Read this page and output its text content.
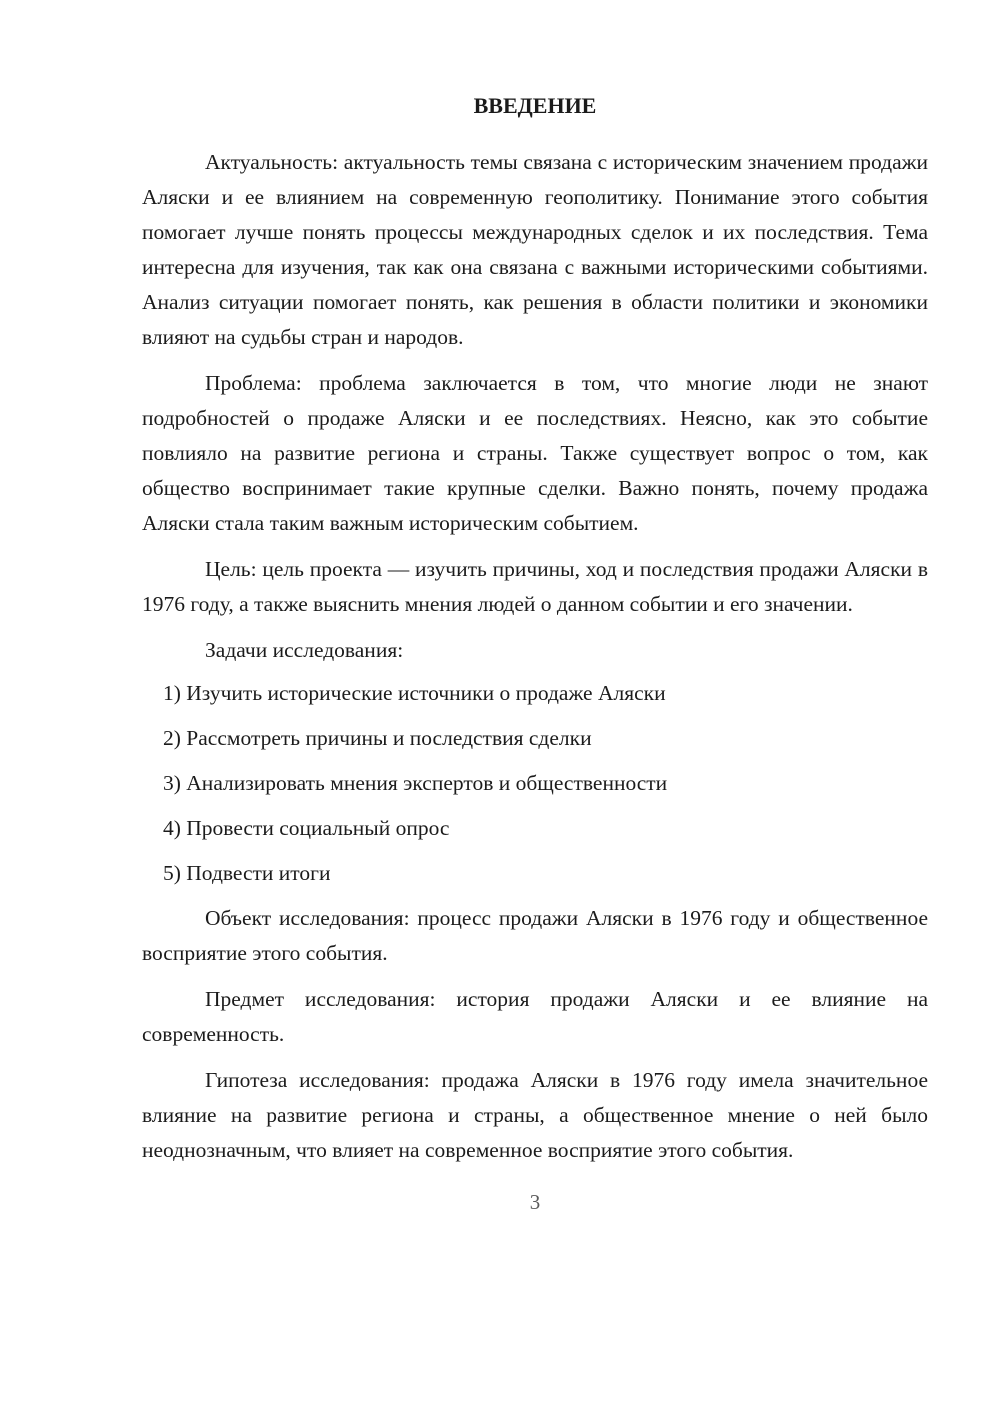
ВВЕДЕНИЕ

Актуальность: актуальность темы связана с историческим значением продажи Аляски и ее влиянием на современную геополитику. Понимание этого события помогает лучше понять процессы международных сделок и их последствия. Тема интересна для изучения, так как она связана с важными историческими событиями. Анализ ситуации помогает понять, как решения в области политики и экономики влияют на судьбы стран и народов.

Проблема: проблема заключается в том, что многие люди не знают подробностей о продаже Аляски и ее последствиях. Неясно, как это событие повлияло на развитие региона и страны. Также существует вопрос о том, как общество воспринимает такие крупные сделки. Важно понять, почему продажа Аляски стала таким важным историческим событием.

Цель: цель проекта — изучить причины, ход и последствия продажи Аляски в 1976 году, а также выяснить мнения людей о данном событии и его значении.

Задачи исследования:

1) Изучить исторические источники о продаже Аляски
2) Рассмотреть причины и последствия сделки
3) Анализировать мнения экспертов и общественности
4) Провести социальный опрос
5) Подвести итоги

Объект исследования: процесс продажи Аляски в 1976 году и общественное восприятие этого события.

Предмет исследования: история продажи Аляски и ее влияние на современность.

Гипотеза исследования: продажа Аляски в 1976 году имела значительное влияние на развитие региона и страны, а общественное мнение о ней было неоднозначным, что влияет на современное восприятие этого события.

3
